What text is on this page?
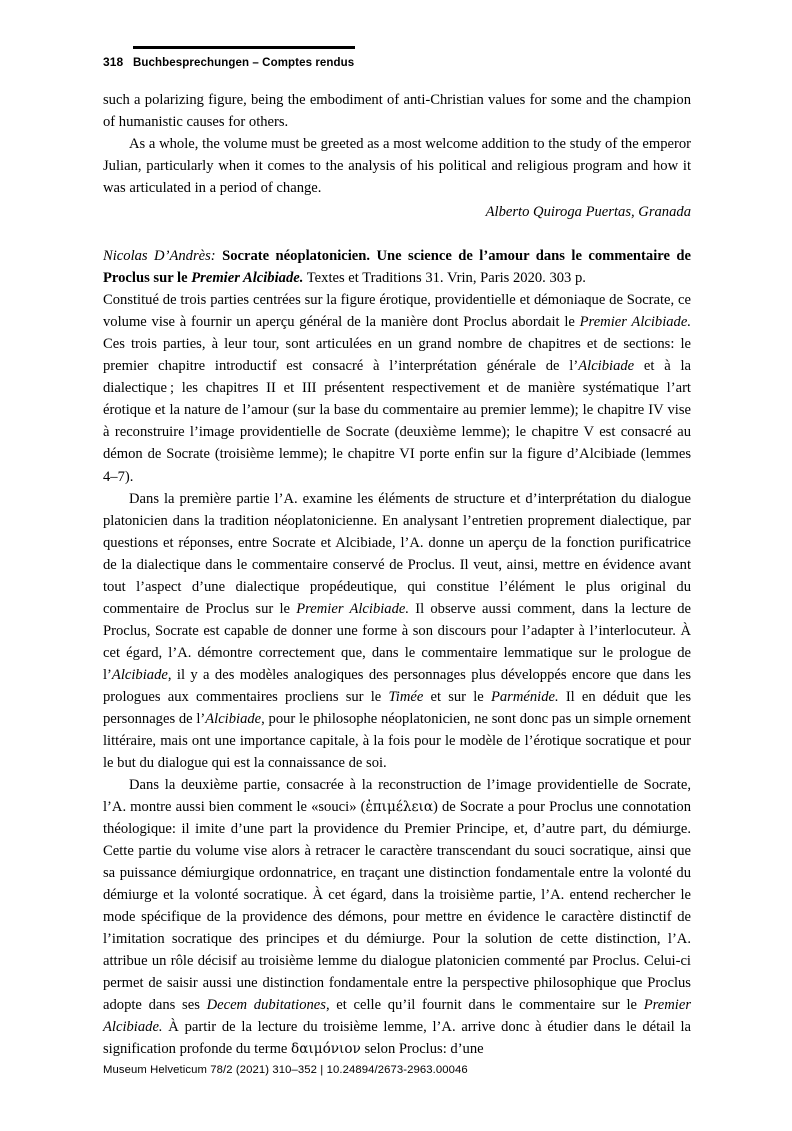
318 Buchbesprechungen – Comptes rendus

such a polarizing figure, being the embodiment of anti-Christian values for some and the champion of humanistic causes for others.

As a whole, the volume must be greeted as a most welcome addition to the study of the emperor Julian, particularly when it comes to the analysis of his political and religious program and how it was articulated in a period of change.

Alberto Quiroga Puertas, Granada

Nicolas D’Andrès: Socrate néoplatonicien. Une science de l’amour dans le commentaire de Proclus sur le Premier Alcibiade. Textes et Traditions 31. Vrin, Paris 2020. 303 p.

Constitué de trois parties centrées sur la figure érotique, providentielle et démoniaque de Socrate, ce volume vise à fournir un aperçu général de la manière dont Proclus abordait le Premier Alcibiade. Ces trois parties, à leur tour, sont articulées en un grand nombre de chapitres et de sections: le premier chapitre introductif est consacré à l’interprétation générale de l’Alcibiade et à la dialectique ; les chapitres II et III présentent respectivement et de manière systématique l’art érotique et la nature de l’amour (sur la base du commentaire au premier lemme); le chapitre IV vise à reconstruire l’image providentielle de Socrate (deuxième lemme); le chapitre V est consacré au démon de Socrate (troisième lemme); le chapitre VI porte enfin sur la figure d’Alcibiade (lemmes 4–7).

Dans la première partie l’A. examine les éléments de structure et d’interprétation du dialogue platonicien dans la tradition néoplatonicienne. En analysant l’entretien proprement dialectique, par questions et réponses, entre Socrate et Alcibiade, l’A. donne un aperçu de la fonction purificatrice de la dialectique dans le commentaire conservé de Proclus. Il veut, ainsi, mettre en évidence avant tout l’aspect d’une dialectique propédeutique, qui constitue l’élément le plus original du commentaire de Proclus sur le Premier Alcibiade. Il observe aussi comment, dans la lecture de Proclus, Socrate est capable de donner une forme à son discours pour l’adapter à l’interlocuteur. À cet égard, l’A. démontre correctement que, dans le commentaire lemmatique sur le prologue de l’Alcibiade, il y a des modèles analogiques des personnages plus développés encore que dans les prologues aux commentaires procliens sur le Timée et sur le Parménide. Il en déduit que les personnages de l’Alcibiade, pour le philosophe néoplatonicien, ne sont donc pas un simple ornement littéraire, mais ont une importance capitale, à la fois pour le modèle de l’érotique socratique et pour le but du dialogue qui est la connaissance de soi.

Dans la deuxième partie, consacrée à la reconstruction de l’image providentielle de Socrate, l’A. montre aussi bien comment le «souci» (ἐπιμέλεια) de Socrate a pour Proclus une connotation théologique: il imite d’une part la providence du Premier Principe, et, d’autre part, du démiurge. Cette partie du volume vise alors à retracer le caractère transcendant du souci socratique, ainsi que sa puissance démiurgique ordonnatrice, en traçant une distinction fondamentale entre la volonté du démiurge et la volonté socratique. À cet égard, dans la troisième partie, l’A. entend rechercher le mode spécifique de la providence des démons, pour mettre en évidence le caractère distinctif de l’imitation socratique des principes et du démiurge. Pour la solution de cette distinction, l’A. attribue un rôle décisif au troisième lemme du dialogue platonicien commenté par Proclus. Celui-ci permet de saisir aussi une distinction fondamentale entre la perspective philosophique que Proclus adopte dans ses Decem dubitationes, et celle qu’il fournit dans le commentaire sur le Premier Alcibiade. À partir de la lecture du troisième lemme, l’A. arrive donc à étudier dans le détail la signification profonde du terme δαιμόνιον selon Proclus: d’une

Museum Helveticum 78/2 (2021) 310–352 | 10.24894/2673-2963.00046
